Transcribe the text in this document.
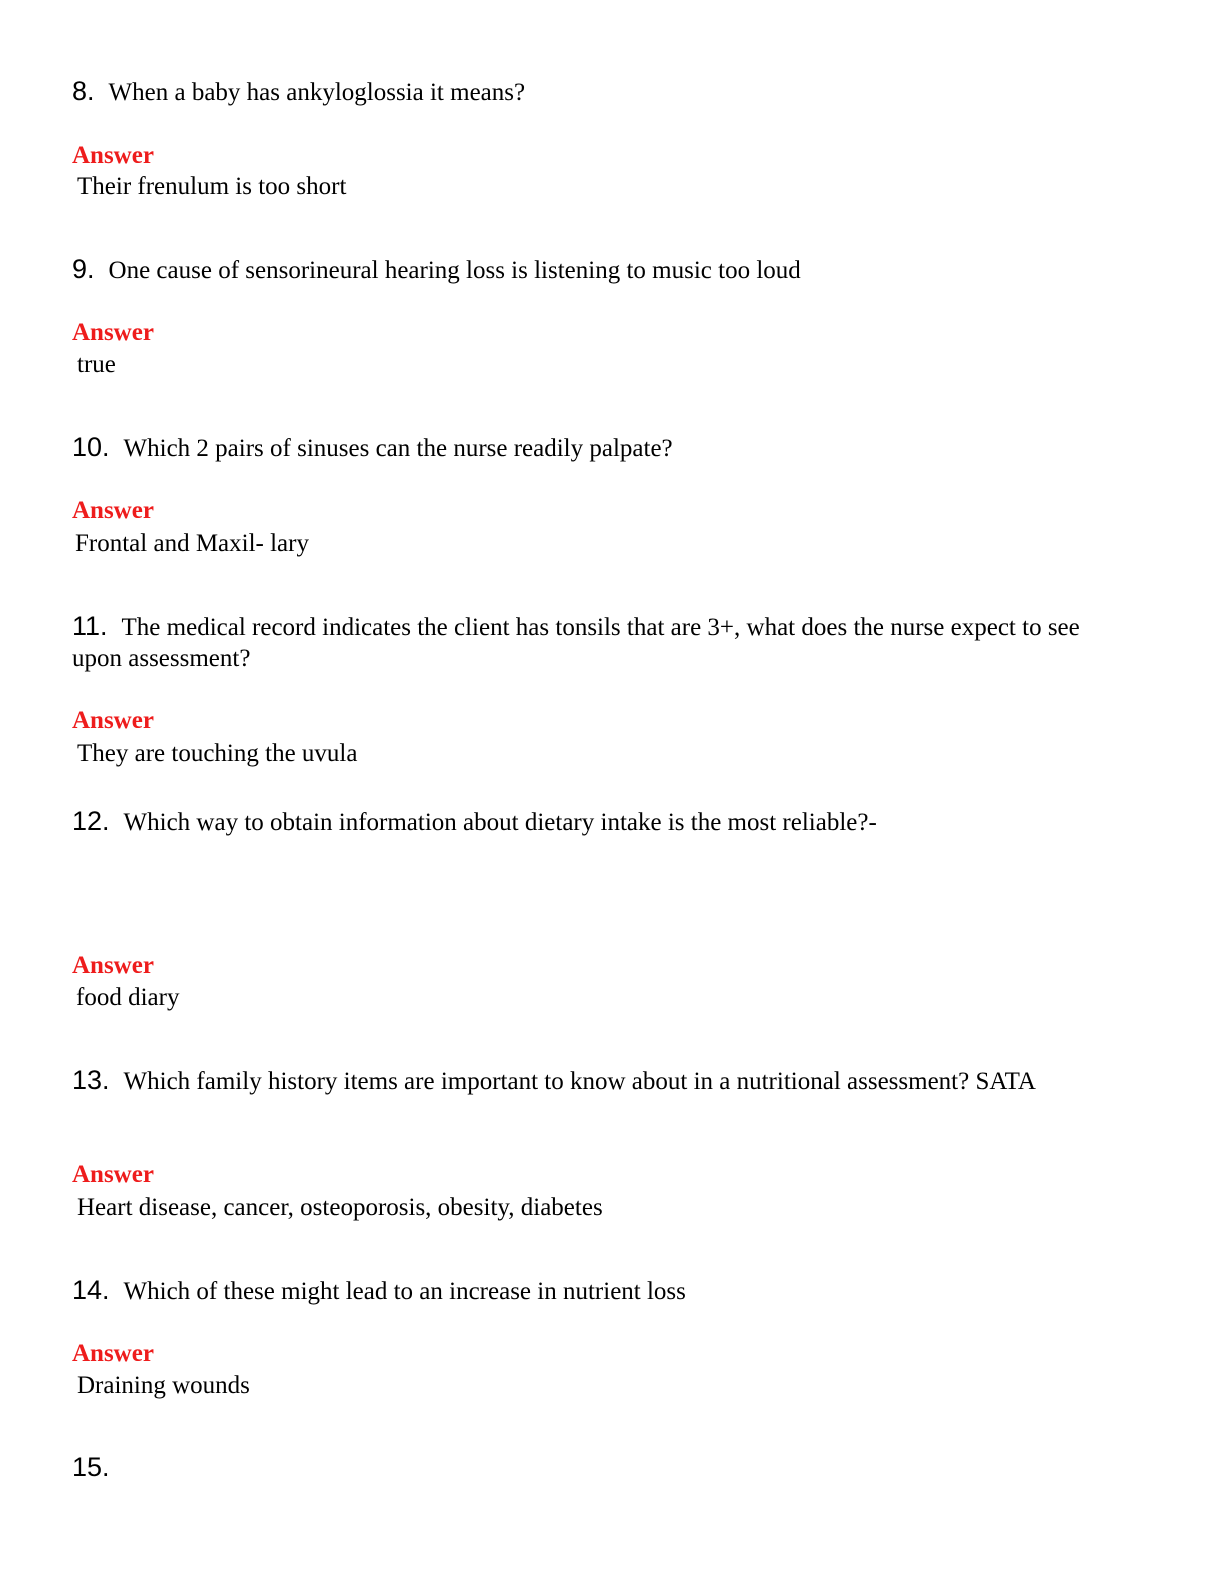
8. When a baby has ankyloglossia it means?
Answer
Their frenulum is too short
9. One cause of sensorineural hearing loss is listening to music too loud
Answer
true
10. Which 2 pairs of sinuses can the nurse readily palpate?
Answer
Frontal and Maxil- lary
11. The medical record indicates the client has tonsils that are 3+, what does the nurse expect to see upon assessment?
Answer
They are touching the uvula
12. Which way to obtain information about dietary intake is the most reliable?-
Answer
food diary
13. Which family history items are important to know about in a nutritional assessment? SATA
Answer
Heart disease, cancer, osteoporosis, obesity, diabetes
14. Which of these might lead to an increase in nutrient loss
Answer
Draining wounds
15.
